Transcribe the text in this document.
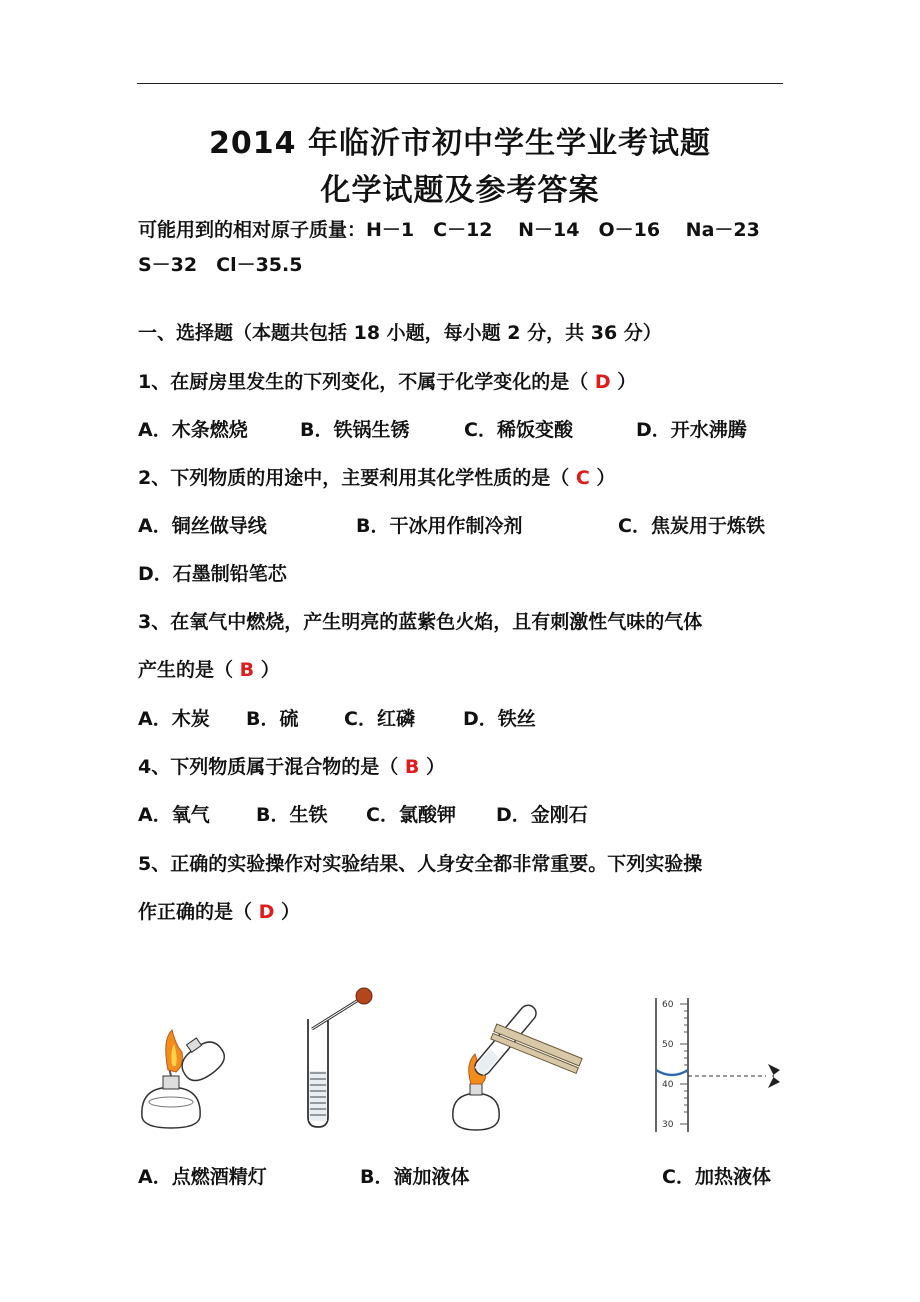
2014 年临沂市初中学生学业考试题
化学试题及参考答案
可能用到的相对原子质量：H－1　C－12　 N－14　O－16　 Na－23
S－32　Cl－35.5
一、选择题（本题共包括 18 小题，每小题 2 分，共 36 分）
1、在厨房里发生的下列变化，不属于化学变化的是（ D ）
A．木条燃烧	B．铁锅生锈	C．稀饭变酸	D．开水沸腾
2、下列物质的用途中，主要利用其化学性质的是（ C ）
A．铜丝做导线	B．干冰用作制冷剂	C．焦炭用于炼铁
D．石墨制铅笔芯
3、在氧气中燃烧，产生明亮的蓝紫色火焰，且有刺激性气味的气体
产生的是（ B ）
A．木炭 B．硫 C．红磷	D．铁丝
4、下列物质属于混合物的是（ B ）
A．氧气 B．生铁 C．氯酸钾 D．金刚石
5、正确的实验操作对实验结果、人身安全都非常重要。下列实验操
作正确的是（ D ）
60
50
40
30
A．点燃酒精灯	B．滴加液体	C．加热液体
